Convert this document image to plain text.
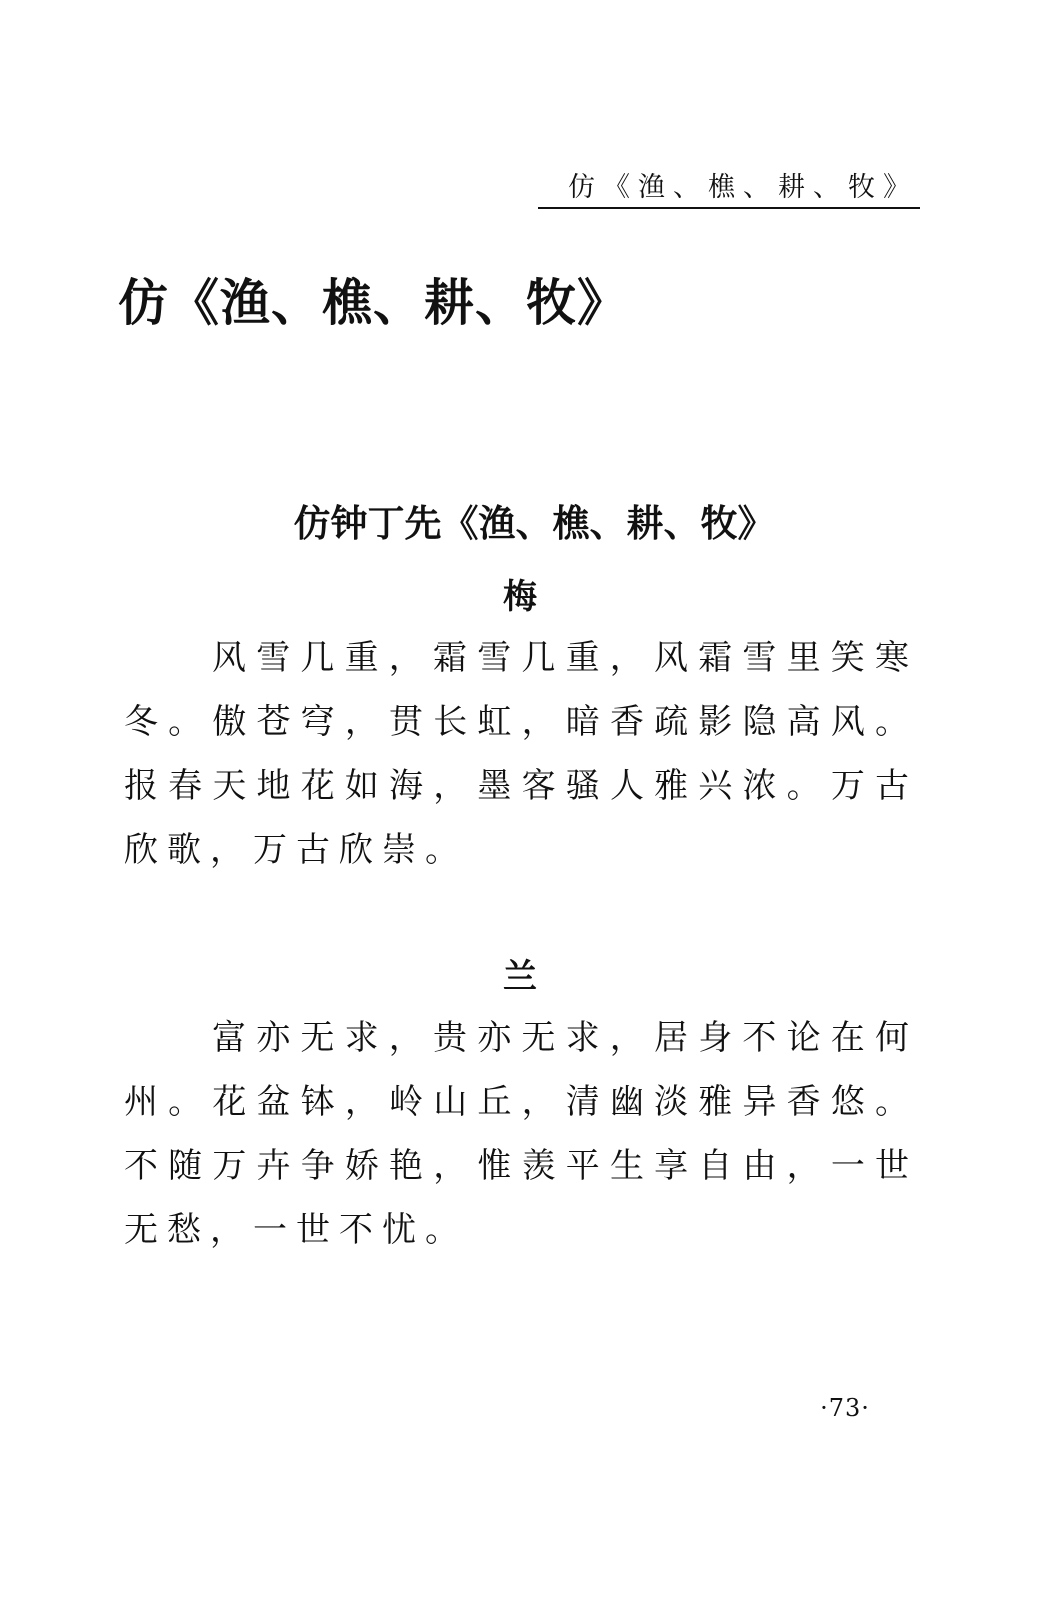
仿《渔、樵、耕、牧》
仿《渔、樵、耕、牧》
仿钟丁先《渔、樵、耕、牧》
梅

风雪几重，霜雪几重，风霜雪里笑寒冬。傲苍穹，贯长虹，暗香疏影隐高风。报春天地花如海，墨客骚人雅兴浓。万古欣歌，万古欣崇。

兰

富亦无求，贵亦无求，居身不论在何州。花盆钵，岭山丘，清幽淡雅异香悠。不随万卉争娇艳，惟羡平生享自由，一世无愁，一世不忧。

·73·
